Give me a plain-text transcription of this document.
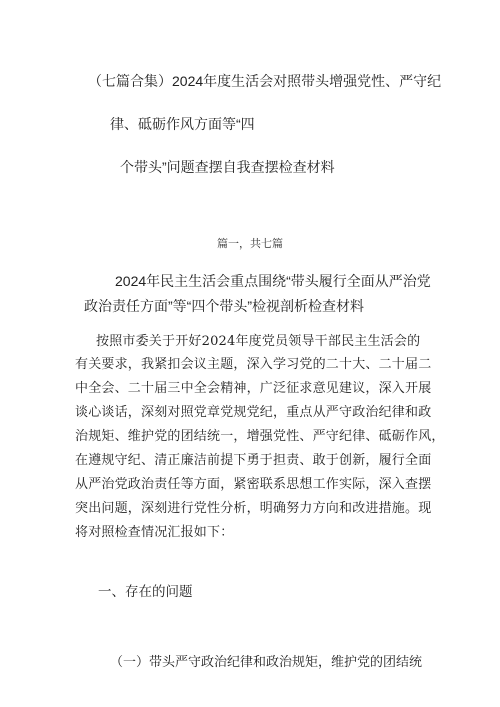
（七篇合集）2024年度生活会对照带头增强党性、严守纪
律、砥砺作风方面等“四
个带头”问题查摆自我查摆检查材料
篇一，共七篇
2024年民主生活会重点围绕“带头履行全面从严治党
政治责任方面”等“四个带头”检视剖析检查材料
按照市委关于开好2024年度党员领导干部民主生活会的
有关要求，我紧扣会议主题，深入学习党的二十大、二十届二
中全会、二十届三中全会精神，广泛征求意见建议，深入开展
谈心谈话，深刻对照党章党规党纪，重点从严守政治纪律和政
治规矩、维护党的团结统一，增强党性、严守纪律、砥砺作风，
在遵规守纪、清正廉洁前提下勇于担责、敢于创新，履行全面
从严治党政治责任等方面，紧密联系思想工作实际，深入查摆
突出问题，深刻进行党性分析，明确努力方向和改进措施。现
将对照检查情况汇报如下：
一、存在的问题
（一）带头严守政治纪律和政治规矩，维护党的团结统
